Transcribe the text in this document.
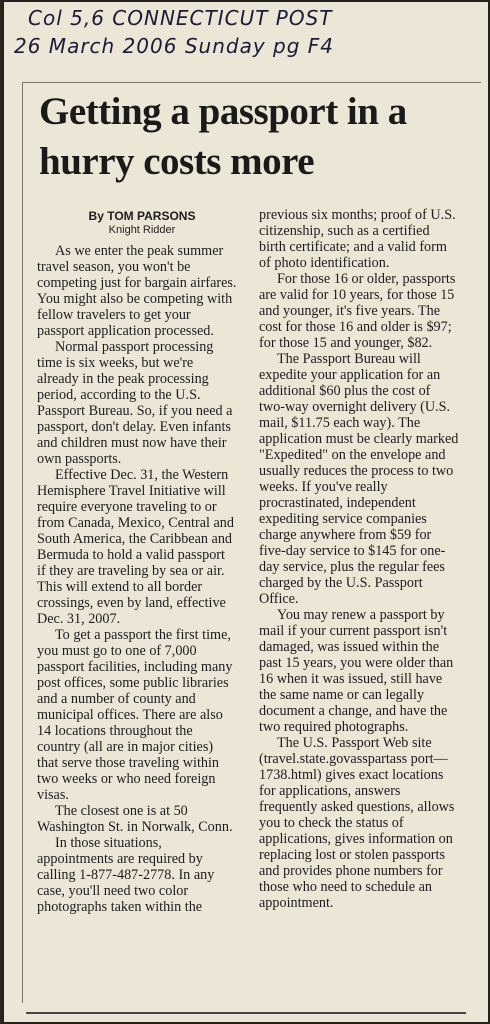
Col 5,6 CONNECTICUT POST
26 March 2006 Sunday pg F4
Getting a passport in a hurry costs more
By TOM PARSONS
Knight Ridder

As we enter the peak summer travel season, you won't be competing just for bargain airfares. You might also be competing with fellow travelers to get your passport application processed.

Normal passport processing time is six weeks, but we're already in the peak processing period, according to the U.S. Passport Bureau. So, if you need a passport, don't delay. Even infants and children must now have their own passports.

Effective Dec. 31, the Western Hemisphere Travel Initiative will require everyone traveling to or from Canada, Mexico, Central and South America, the Caribbean and Bermuda to hold a valid passport if they are traveling by sea or air. This will extend to all border crossings, even by land, effective Dec. 31, 2007.

To get a passport the first time, you must go to one of 7,000 passport facilities, including many post offices, some public libraries and a number of county and municipal offices. There are also 14 locations throughout the country (all are in major cities) that serve those traveling within two weeks or who need foreign visas.

The closest one is at 50 Washington St. in Norwalk, Conn.

In those situations, appointments are required by calling 1-877-487-2778. In any case, you'll need two color photographs taken within the

previous six months; proof of U.S. citizenship, such as a certified birth certificate; and a valid form of photo identification.

For those 16 or older, passports are valid for 10 years, for those 15 and younger, it's five years. The cost for those 16 and older is $97; for those 15 and younger, $82.

The Passport Bureau will expedite your application for an additional $60 plus the cost of two-way overnight delivery (U.S. mail, $11.75 each way). The application must be clearly marked "Expedited" on the envelope and usually reduces the process to two weeks. If you've really procrastinated, independent expediting service companies charge anywhere from $59 for five-day service to $145 for one-day service, plus the regular fees charged by the U.S. Passport Office.

You may renew a passport by mail if your current passport isn't damaged, was issued within the past 15 years, you were older than 16 when it was issued, still have the same name or can legally document a change, and have the two required photographs.

The U.S. Passport Web site (travel.state.govasspartass port—1738.html) gives exact locations for applications, answers frequently asked questions, allows you to check the status of applications, gives information on replacing lost or stolen passports and provides phone numbers for those who need to schedule an appointment.
